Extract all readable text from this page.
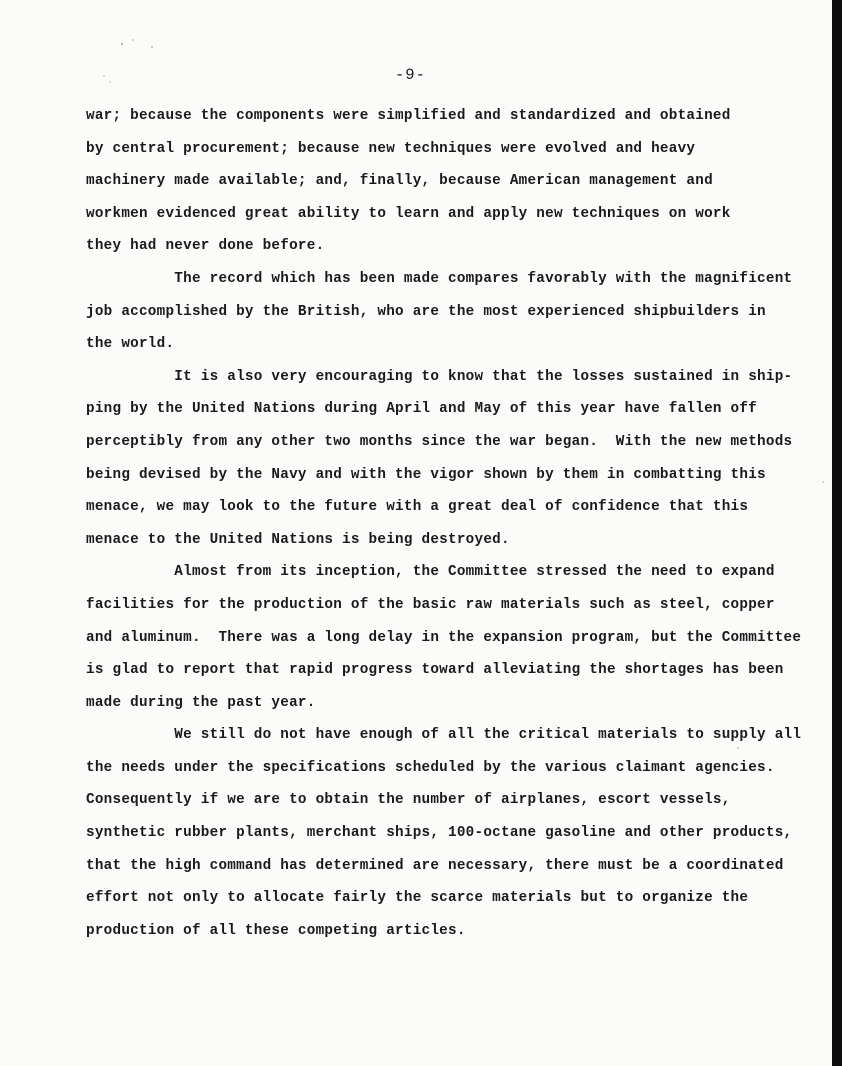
-9-
war; because the components were simplified and standardized and obtained
by central procurement; because new techniques were evolved and heavy
machinery made available; and, finally, because American management and
workmen evidenced great ability to learn and apply new techniques on work
they had never done before.
The record which has been made compares favorably with the magnificent
job accomplished by the British, who are the most experienced shipbuilders in
the world.
It is also very encouraging to know that the losses sustained in ship-
ping by the United Nations during April and May of this year have fallen off
perceptibly from any other two months since the war began.  With the new methods
being devised by the Navy and with the vigor shown by them in combatting this
menace, we may look to the future with a great deal of confidence that this
menace to the United Nations is being destroyed.
Almost from its inception, the Committee stressed the need to expand
facilities for the production of the basic raw materials such as steel, copper
and aluminum.  There was a long delay in the expansion program, but the Committee
is glad to report that rapid progress toward alleviating the shortages has been
made during the past year.
We still do not have enough of all the critical materials to supply all
the needs under the specifications scheduled by the various claimant agencies.
Consequently if we are to obtain the number of airplanes, escort vessels,
synthetic rubber plants, merchant ships, 100-octane gasoline and other products,
that the high command has determined are necessary, there must be a coordinated
effort not only to allocate fairly the scarce materials but to organize the
production of all these competing articles.
